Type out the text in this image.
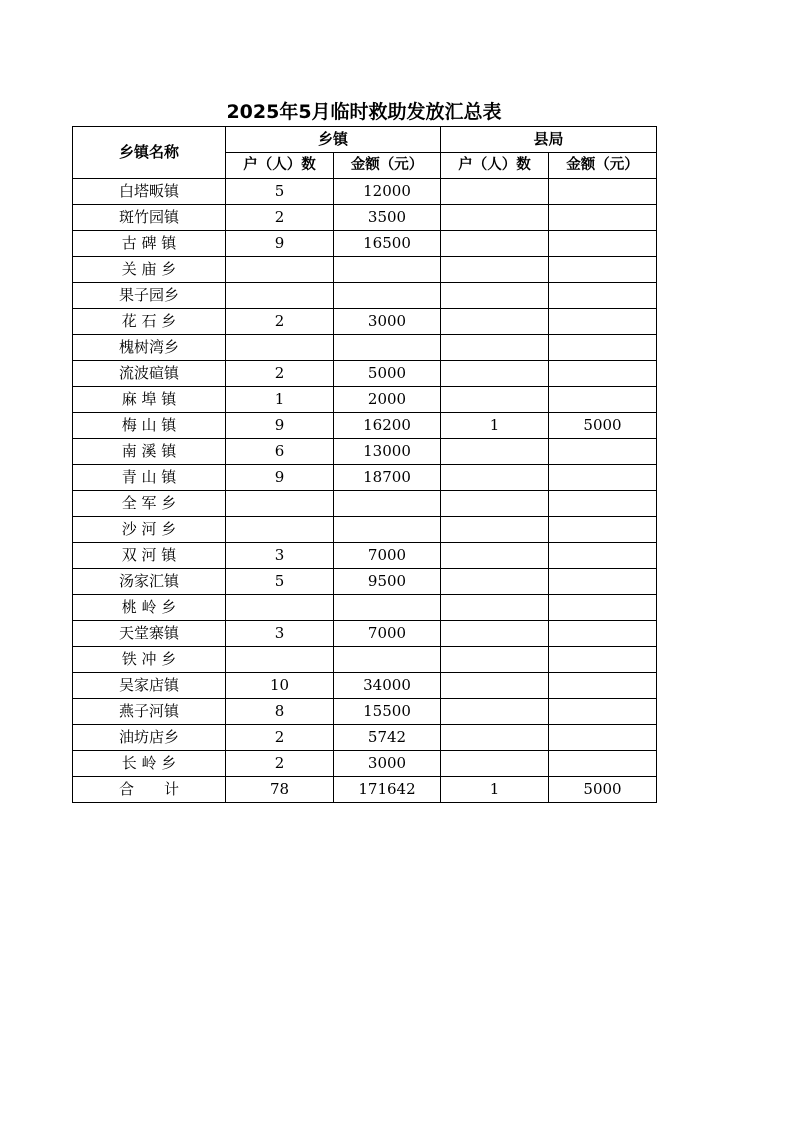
2025年5月临时救助发放汇总表
乡镇名称	乡镇		县局	
	户（人）数	金额（元）	户（人）数	金额（元）
白塔畈镇	5	12000		
斑竹园镇	2	3500		
古 碑 镇	9	16500		
关 庙 乡				
果子园乡				
花 石 乡	2	3000		
槐树湾乡				
流波碹镇	2	5000		
麻 埠 镇	1	2000		
梅 山 镇	9	16200	1	5000
南 溪 镇	6	13000		
青 山 镇	9	18700		
全 军 乡				
沙 河 乡				
双 河 镇	3	7000		
汤家汇镇	5	9500		
桃 岭 乡				
天堂寨镇	3	7000		
铁 冲 乡				
吴家店镇	10	34000		
燕子河镇	8	15500		
油坊店乡	2	5742		
长 岭 乡	2	3000		
合　　计	78	171642	1	5000
